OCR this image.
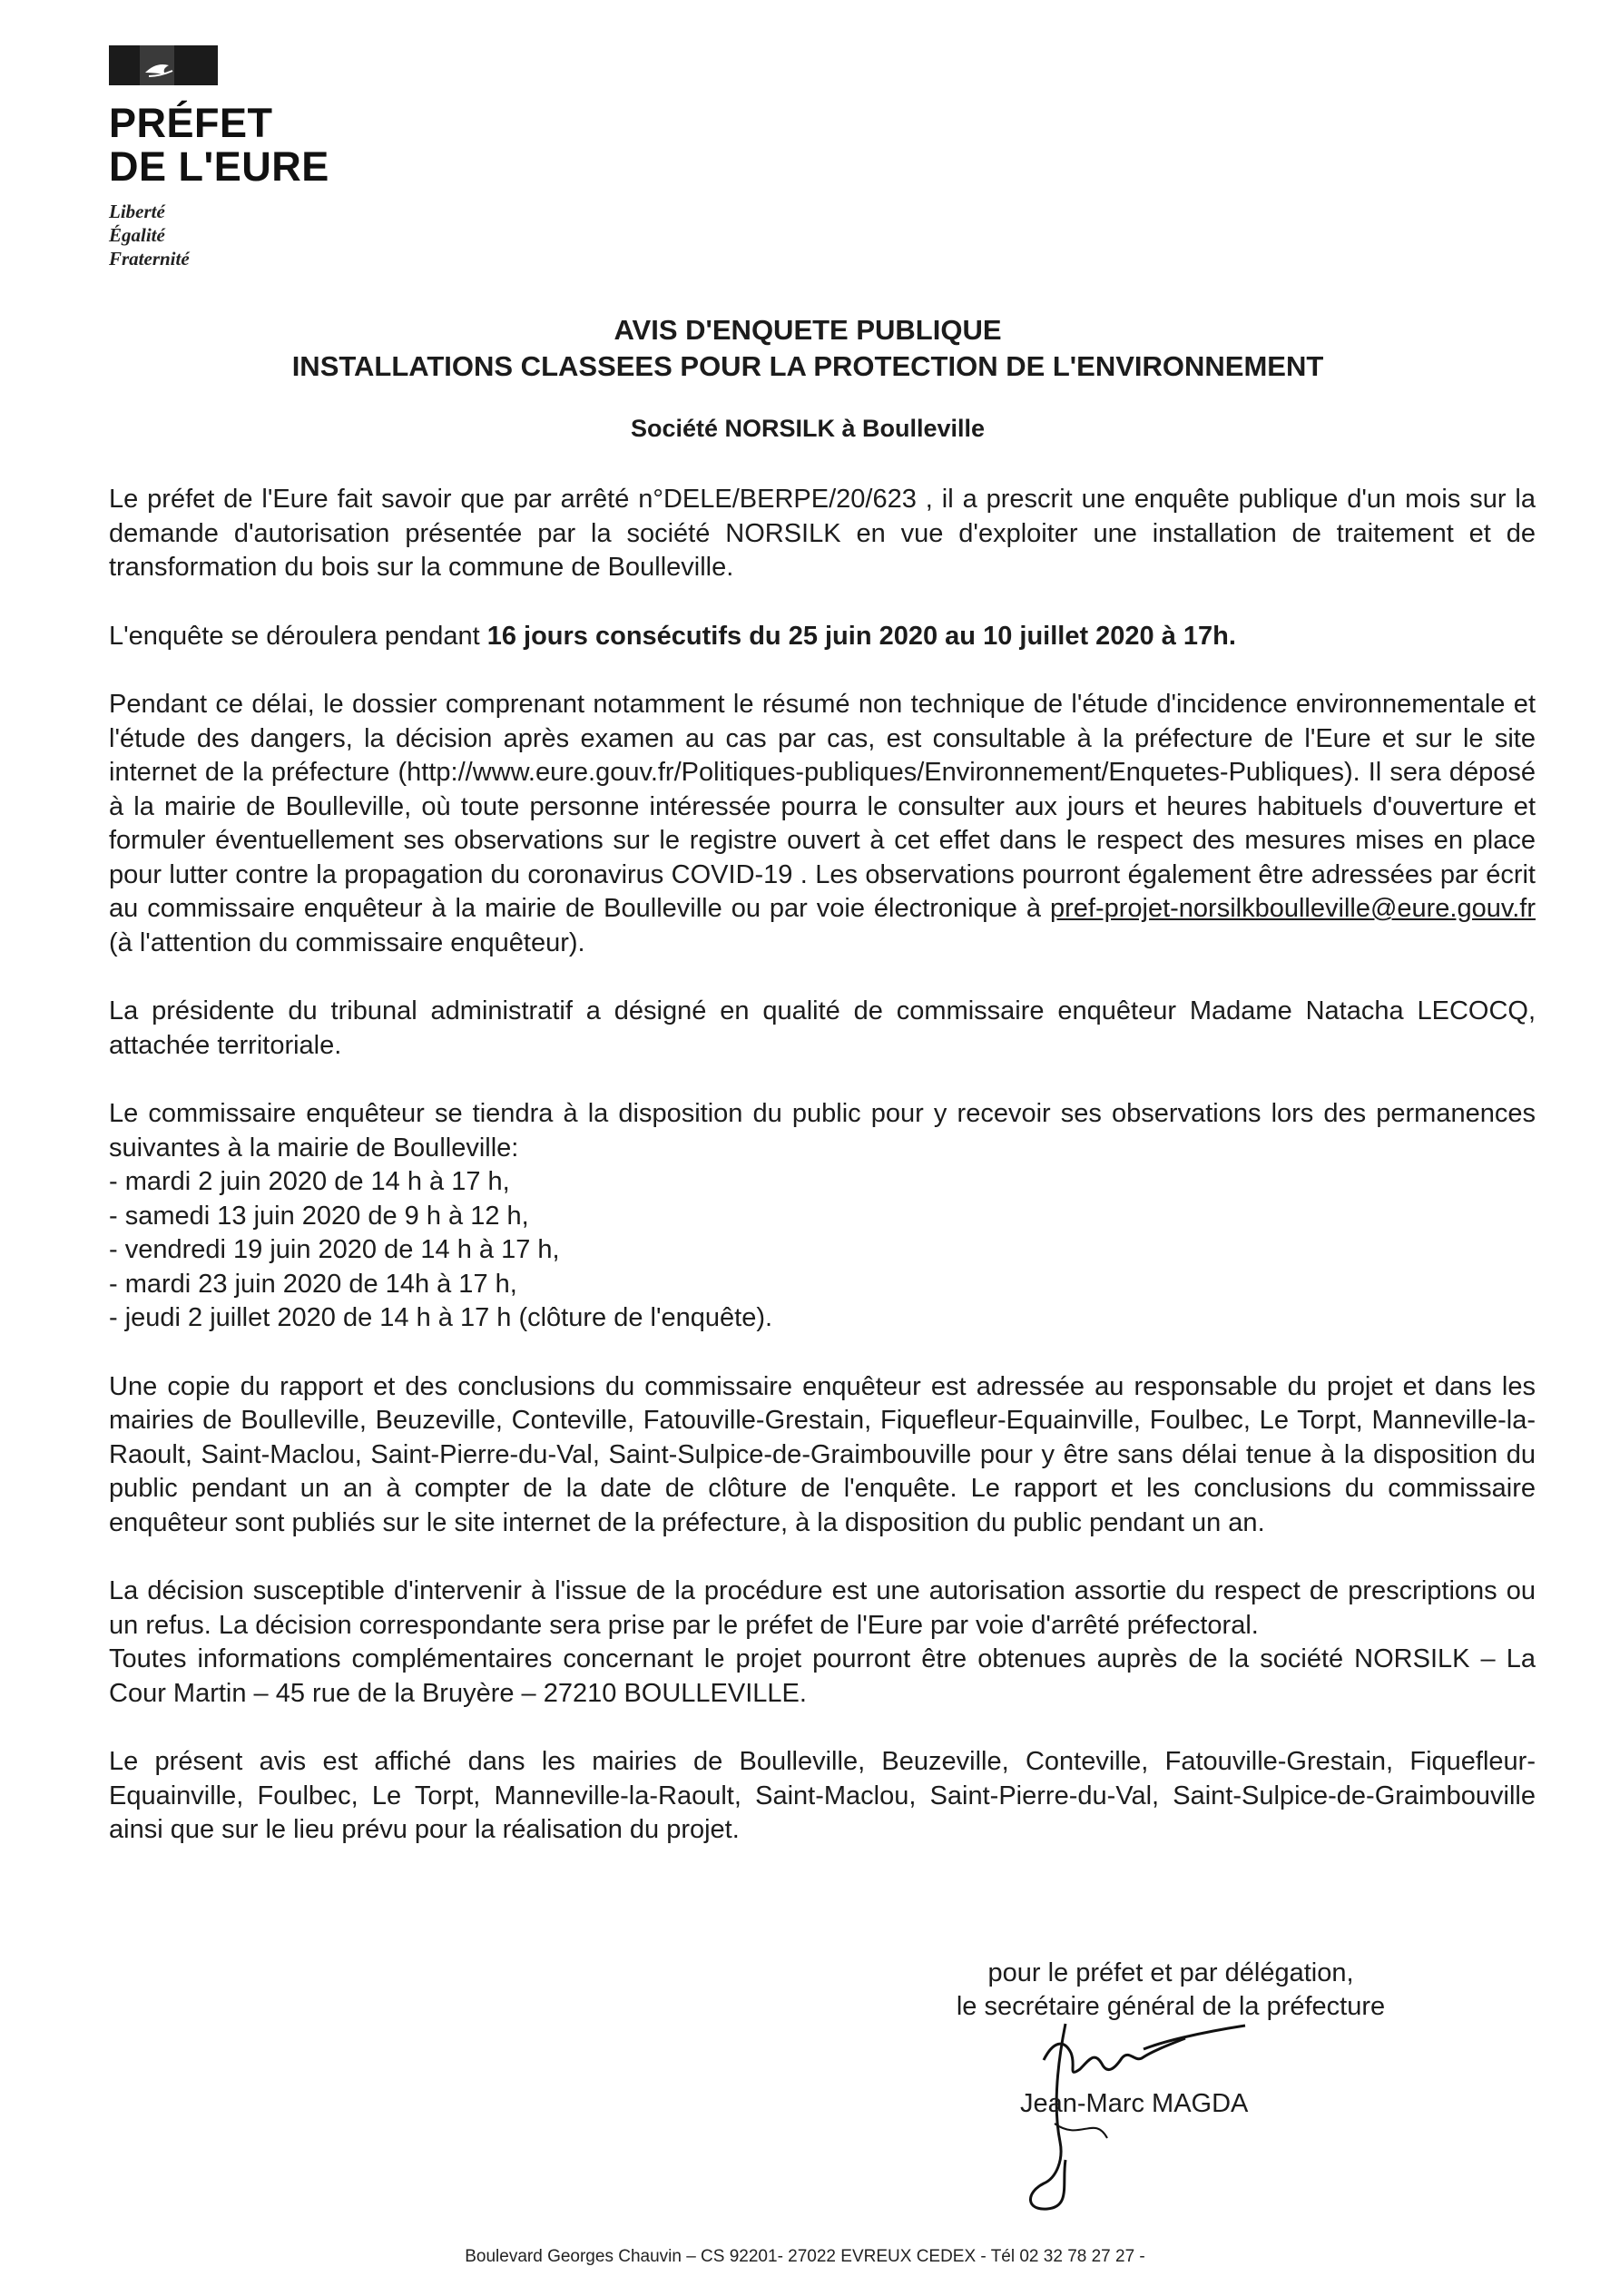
PRÉFET
DE L'EURE
Liberté
Égalité
Fraternité
AVIS D'ENQUETE PUBLIQUE
INSTALLATIONS CLASSEES POUR LA PROTECTION DE L'ENVIRONNEMENT
Société NORSILK à Boulleville

Le préfet de l'Eure fait savoir que par arrêté n°DELE/BERPE/20/623 , il a prescrit une enquête publique d'un mois sur la demande d'autorisation présentée par la société NORSILK en vue d'exploiter une installation de traitement et de transformation du bois sur la commune de Boulleville.

L'enquête se déroulera pendant 16 jours consécutifs du 25 juin 2020 au 10 juillet 2020 à 17h.

Pendant ce délai, le dossier comprenant notamment le résumé non technique de l'étude d'incidence environnementale et l'étude des dangers, la décision après examen au cas par cas, est consultable à la préfecture de l'Eure et sur le site internet de la préfecture (http://www.eure.gouv.fr/Politiques-publiques/Environnement/Enquetes-Publiques). Il sera déposé à la mairie de Boulleville, où toute personne intéressée pourra le consulter aux jours et heures habituels d'ouverture et formuler éventuellement ses observations sur le registre ouvert à cet effet dans le respect des mesures mises en place pour lutter contre la propagation du coronavirus COVID-19 . Les observations pourront également être adressées par écrit au commissaire enquêteur à la mairie de Boulleville ou par voie électronique à pref-projet-norsilkboulleville@eure.gouv.fr (à l'attention du commissaire enquêteur).

La présidente du tribunal administratif a désigné en qualité de commissaire enquêteur Madame Natacha LECOCQ, attachée territoriale.

Le commissaire enquêteur se tiendra à la disposition du public pour y recevoir ses observations lors des permanences suivantes à la mairie de Boulleville:

- mardi 2 juin 2020 de 14 h à 17 h,
- samedi 13 juin 2020 de 9 h à 12 h,
- vendredi 19 juin 2020 de 14 h à 17 h,
- mardi 23 juin 2020 de 14h à 17 h,
- jeudi 2 juillet 2020 de 14 h à 17 h (clôture de l'enquête).

Une copie du rapport et des conclusions du commissaire enquêteur est adressée au responsable du projet et dans les mairies de Boulleville, Beuzeville, Conteville, Fatouville-Grestain, Fiquefleur-Equainville, Foulbec, Le Torpt, Manneville-la-Raoult, Saint-Maclou, Saint-Pierre-du-Val, Saint-Sulpice-de-Graimbouville pour y être sans délai tenue à la disposition du public pendant un an à compter de la date de clôture de l'enquête. Le rapport et les conclusions du commissaire enquêteur sont publiés sur le site internet de la préfecture, à la disposition du public pendant un an.

La décision susceptible d'intervenir à l'issue de la procédure est une autorisation assortie du respect de prescriptions ou un refus. La décision correspondante sera prise par le préfet de l'Eure par voie d'arrêté préfectoral.

Toutes informations complémentaires concernant le projet pourront être obtenues auprès de la société NORSILK – La Cour Martin – 45 rue de la Bruyère – 27210 BOULLEVILLE.

Le présent avis est affiché dans les mairies de Boulleville, Beuzeville, Conteville, Fatouville-Grestain, Fiquefleur-Equainville, Foulbec, Le Torpt, Manneville-la-Raoult, Saint-Maclou, Saint-Pierre-du-Val, Saint-Sulpice-de-Graimbouville ainsi que sur le lieu prévu pour la réalisation du projet.

pour le préfet et par délégation,
le secrétaire général de la préfecture
Jean-Marc MAGDA
Boulevard Georges Chauvin – CS 92201- 27022 EVREUX CEDEX - Tél 02 32 78 27 27 -
